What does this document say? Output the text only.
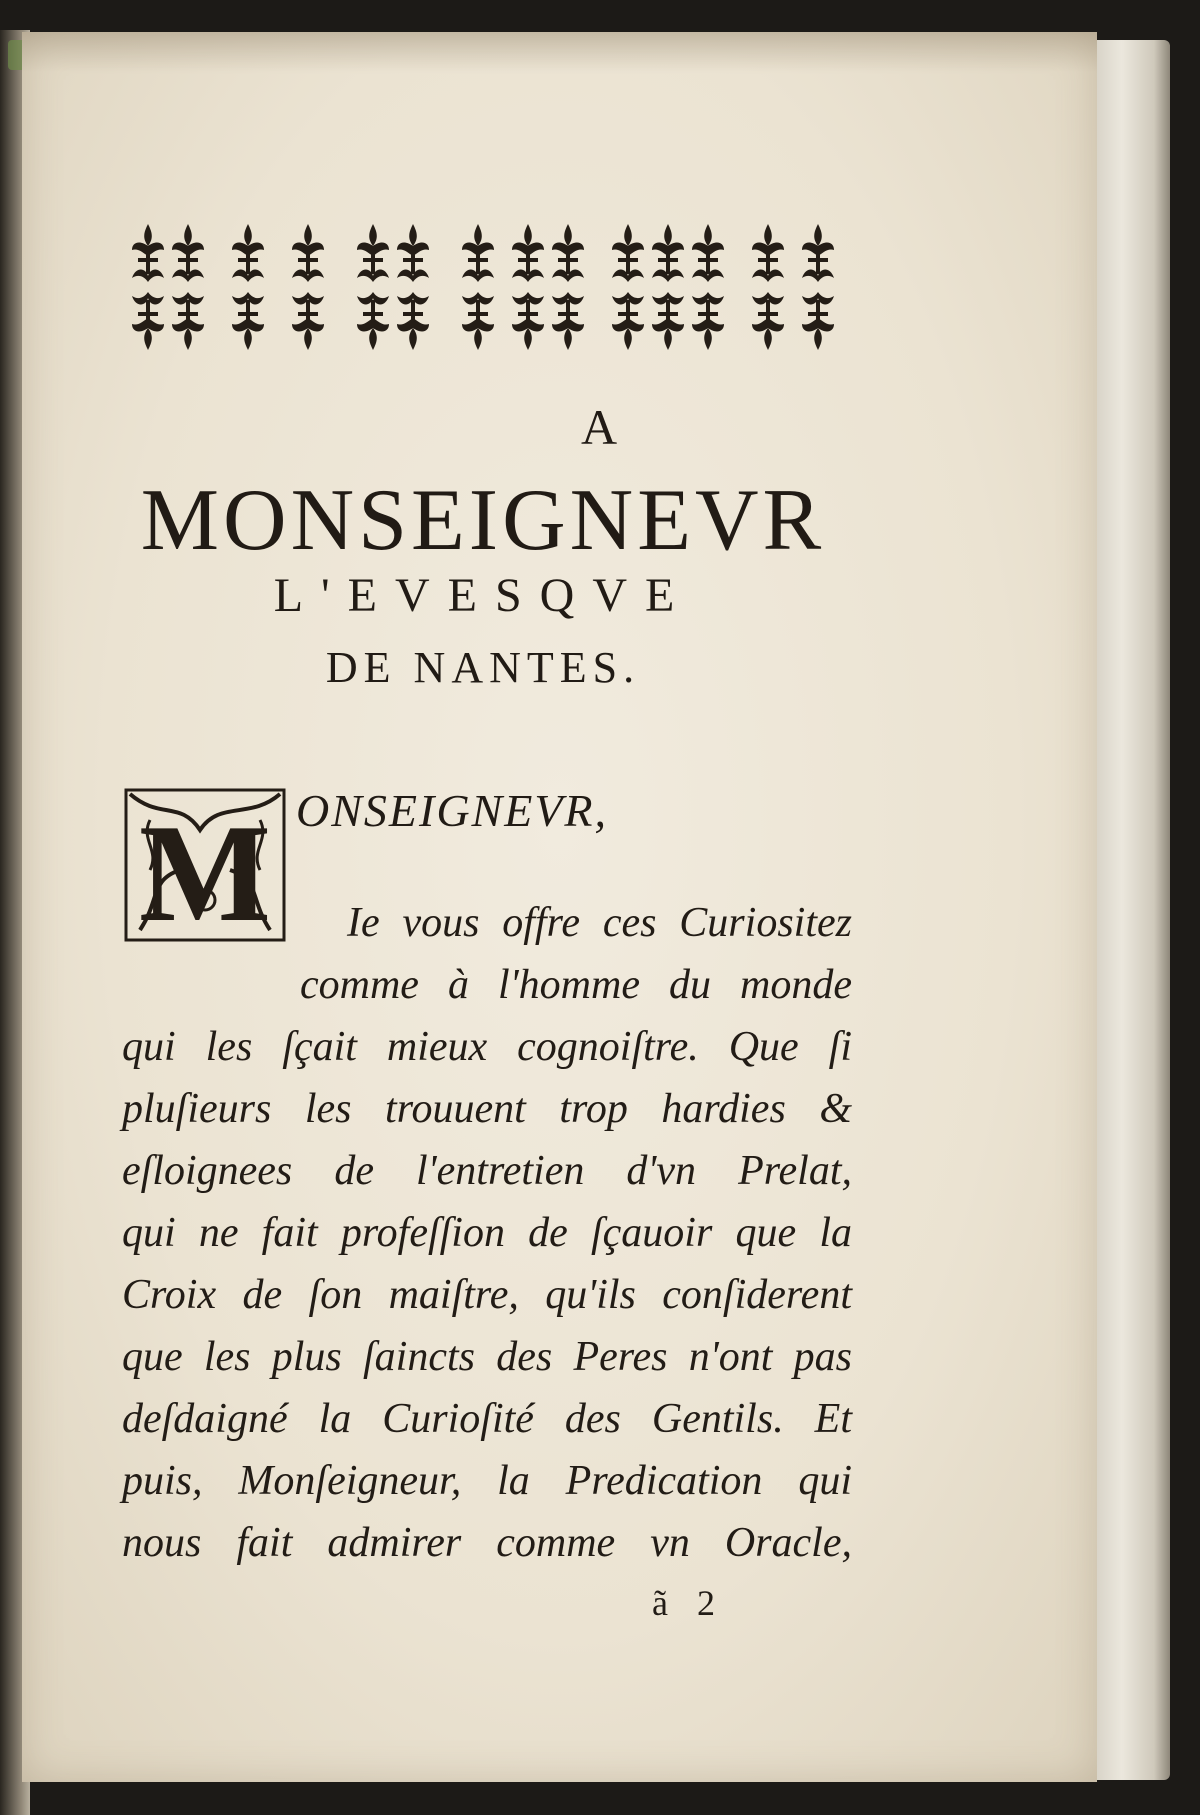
A
MONSEIGNEVR
L'EVESQVE
DE NANTES.
M ONSEIGNEVR,
Ie vous offre ces Curiositez
comme à l'homme du monde
qui les ſçait mieux cognoiſtre. Que ſi
pluſieurs les trouuent trop hardies &
eſloignees de l'entretien d'vn Prelat,
qui ne fait profeſſion de ſçauoir que la
Croix de ſon maiſtre, qu'ils conſiderent
que les plus ſaincts des Peres n'ont pas
deſdaigné la Curioſité des Gentils. Et
puis, Monſeigneur, la Predication qui
nous fait admirer comme vn Oracle,
ã 2
